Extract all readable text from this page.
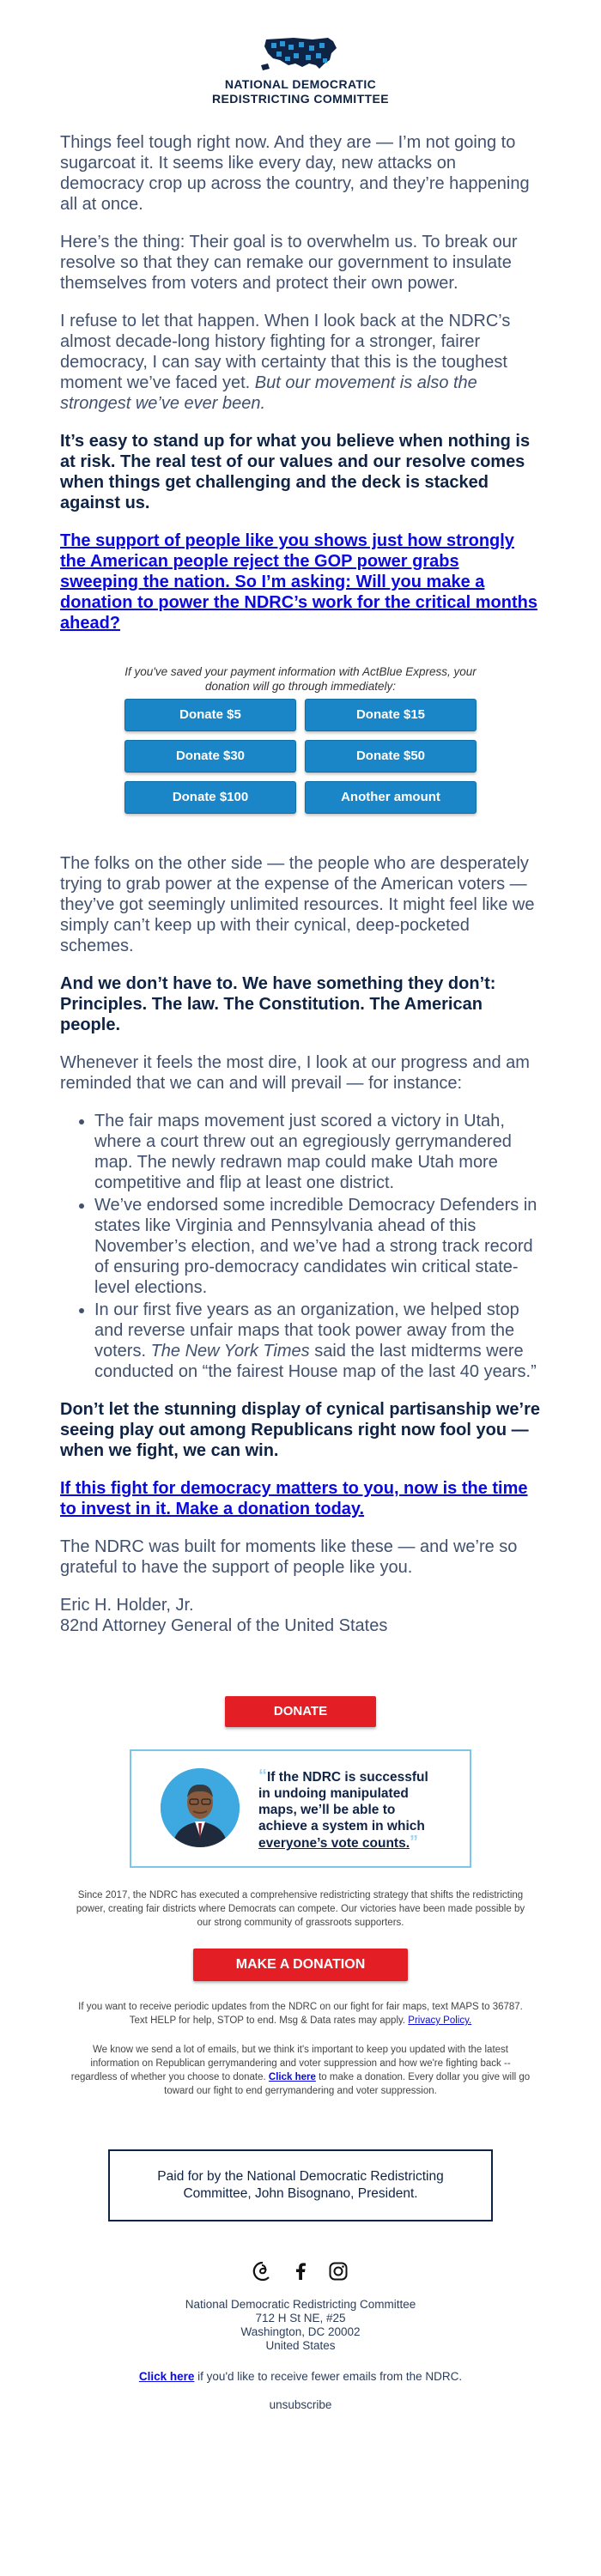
NATIONAL DEMOCRATIC
REDISTRICTING COMMITTEE

Things feel tough right now. And they are — I’m not going to sugarcoat it. It seems like every day, new attacks on democracy crop up across the country, and they’re happening all at once.

Here’s the thing: Their goal is to overwhelm us. To break our resolve so that they can remake our government to insulate themselves from voters and protect their own power.

I refuse to let that happen. When I look back at the NDRC’s almost decade-long history fighting for a stronger, fairer democracy, I can say with certainty that this is the toughest moment we’ve faced yet. But our movement is also the strongest we’ve ever been.

It’s easy to stand up for what you believe when nothing is at risk. The real test of our values and our resolve comes when things get challenging and the deck is stacked against us.

The support of people like you shows just how strongly the American people reject the GOP power grabs sweeping the nation. So I’m asking: Will you make a donation to power the NDRC’s work for the critical months ahead?

If you've saved your payment information with ActBlue Express, your donation will go through immediately:
Donate $5	Donate $15
Donate $30	Donate $50
Donate $100	Another amount

The folks on the other side — the people who are desperately trying to grab power at the expense of the American voters — they’ve got seemingly unlimited resources. It might feel like we simply can’t keep up with their cynical, deep-pocketed schemes.

And we don’t have to. We have something they don’t: Principles. The law. The Constitution. The American people.

Whenever it feels the most dire, I look at our progress and am reminded that we can and will prevail — for instance:

• The fair maps movement just scored a victory in Utah, where a court threw out an egregiously gerrymandered map. The newly redrawn map could make Utah more competitive and flip at least one district.
• We’ve endorsed some incredible Democracy Defenders in states like Virginia and Pennsylvania ahead of this November’s election, and we’ve had a strong track record of ensuring pro-democracy candidates win critical state-level elections.
• In our first five years as an organization, we helped stop and reverse unfair maps that took power away from the voters. The New York Times said the last midterms were conducted on “the fairest House map of the last 40 years.”

Don’t let the stunning display of cynical partisanship we’re seeing play out among Republicans right now fool you — when we fight, we can win.

If this fight for democracy matters to you, now is the time to invest in it. Make a donation today.

The NDRC was built for moments like these — and we’re so grateful to have the support of people like you.

Eric H. Holder, Jr.
82nd Attorney General of the United States
DONATE
“If the NDRC is successful in undoing manipulated maps, we’ll be able to achieve a system in which everyone’s vote counts.”
Since 2017, the NDRC has executed a comprehensive redistricting strategy that shifts the redistricting power, creating fair districts where Democrats can compete. Our victories have been made possible by our strong community of grassroots supporters.
MAKE A DONATION
If you want to receive periodic updates from the NDRC on our fight for fair maps, text MAPS to 36787. Text HELP for help, STOP to end. Msg & Data rates may apply. Privacy Policy.
We know we send a lot of emails, but we think it's important to keep you updated with the latest information on Republican gerrymandering and voter suppression and how we're fighting back -- regardless of whether you choose to donate. Click here to make a donation. Every dollar you give will go toward our fight to end gerrymandering and voter suppression.
Paid for by the National Democratic Redistricting Committee, John Bisognano, President.

National Democratic Redistricting Committee
712 H St NE, #25
Washington, DC 20002
United States
Click here if you'd like to receive fewer emails from the NDRC.
unsubscribe
